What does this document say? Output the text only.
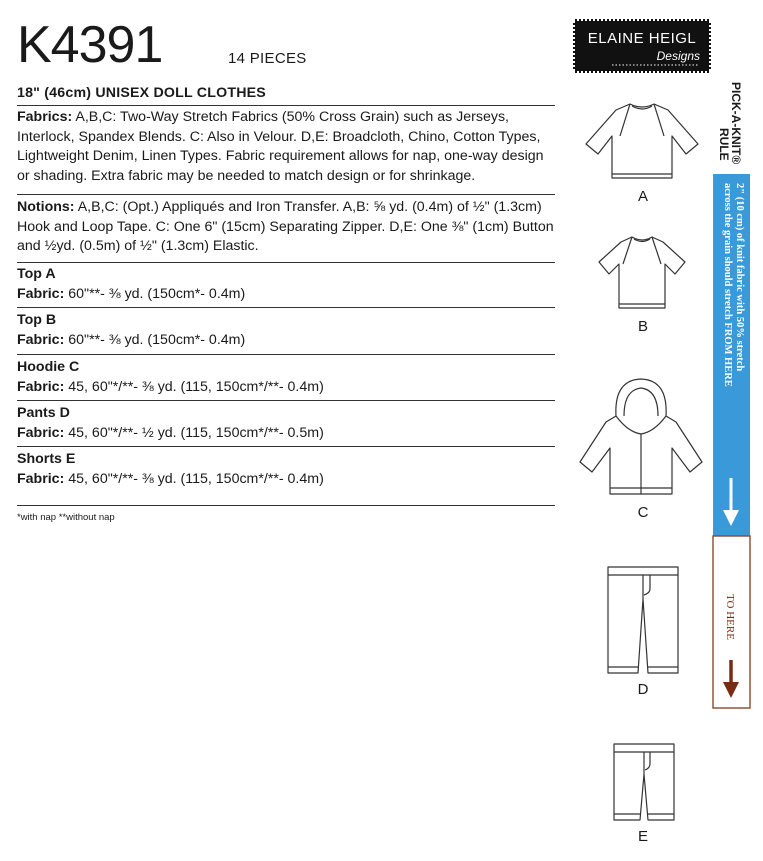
K4391	14 PIECES
ELAINE HEIGL
Designs
18" (46cm) UNISEX DOLL CLOTHES
Fabrics: A,B,C: Two-Way Stretch Fabrics (50% Cross Grain) such as Jerseys,
Interlock, Spandex Blends. C: Also in Velour. D,E: Broadcloth, Chino, Cotton Types,
Lightweight Denim, Linen Types. Fabric requirement allows for nap, one-way design
or shading. Extra fabric may be needed to match design or for shrinkage.
Notions: A,B,C: (Opt.) Appliqués and Iron Transfer. A,B: ⅝ yd. (0.4m) of ½" (1.3cm)
Hook and Loop Tape. C: One 6" (15cm) Separating Zipper. D,E: One ⅜" (1cm) Button
and ½yd. (0.5m) of ½" (1.3cm) Elastic.
Top A
Fabric: 60"**- ⅜ yd. (150cm*- 0.4m)
Top B
Fabric: 60"**- ⅜ yd. (150cm*- 0.4m)
Hoodie C
Fabric: 45, 60"*/**- ⅜ yd. (115, 150cm*/**- 0.4m)
Pants D
Fabric: 45, 60"*/**- ½ yd. (115, 150cm*/**- 0.5m)
Shorts E
Fabric: 45, 60"*/**- ⅜ yd. (115, 150cm*/**- 0.4m)
*with nap **without nap
A
B
C
D
E
PICK-A-KNIT®
RULE
2" (10 cm) of knit fabric with 50% stretch
across the grain should stretch FROM HERE
TO HERE
